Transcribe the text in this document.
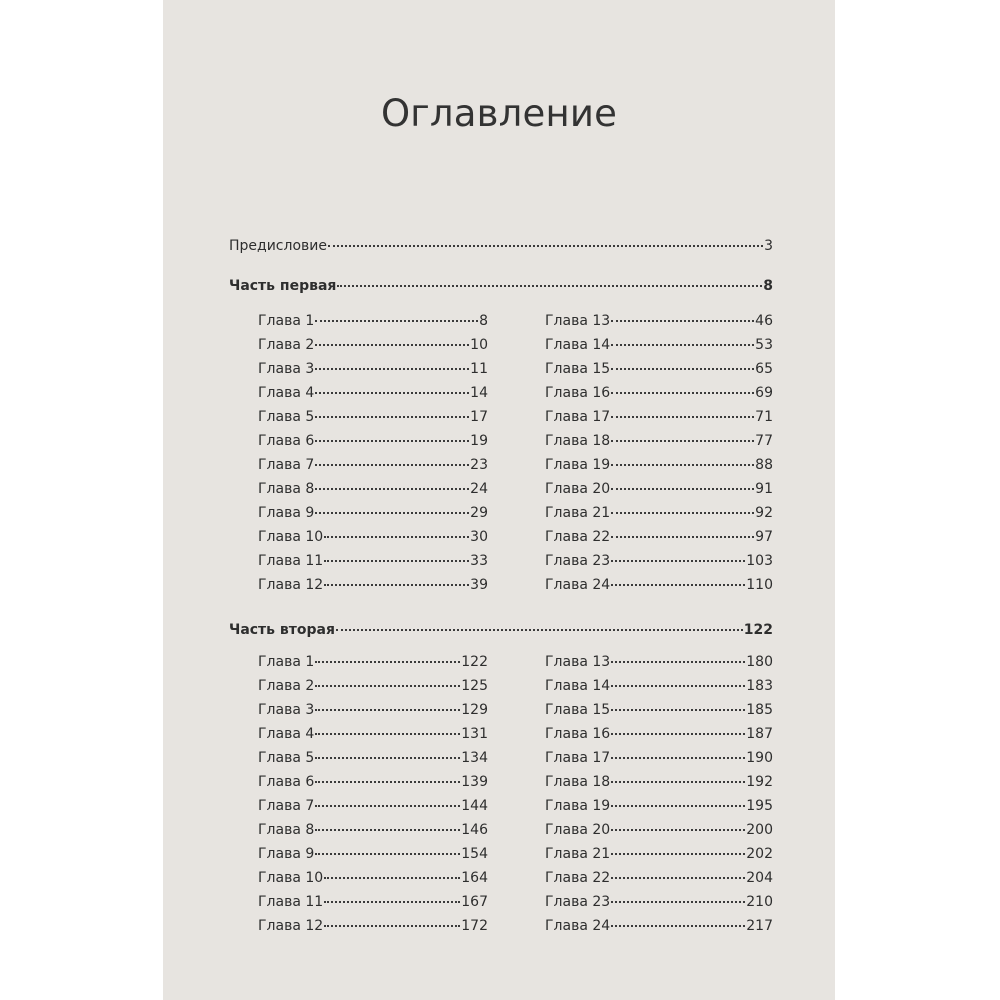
Оглавление
Предисловие	3
Часть первая	8
Глава 1	8
Глава 2	10
Глава 3	11
Глава 4	14
Глава 5	17
Глава 6	19
Глава 7	23
Глава 8	24
Глава 9	29
Глава 10	30
Глава 11	33
Глава 12	39
Глава 13	46
Глава 14	53
Глава 15	65
Глава 16	69
Глава 17	71
Глава 18	77
Глава 19	88
Глава 20	91
Глава 21	92
Глава 22	97
Глава 23	103
Глава 24	110
Часть вторая	122
Глава 1	122
Глава 2	125
Глава 3	129
Глава 4	131
Глава 5	134
Глава 6	139
Глава 7	144
Глава 8	146
Глава 9	154
Глава 10	164
Глава 11	167
Глава 12	172
Глава 13	180
Глава 14	183
Глава 15	185
Глава 16	187
Глава 17	190
Глава 18	192
Глава 19	195
Глава 20	200
Глава 21	202
Глава 22	204
Глава 23	210
Глава 24	217
